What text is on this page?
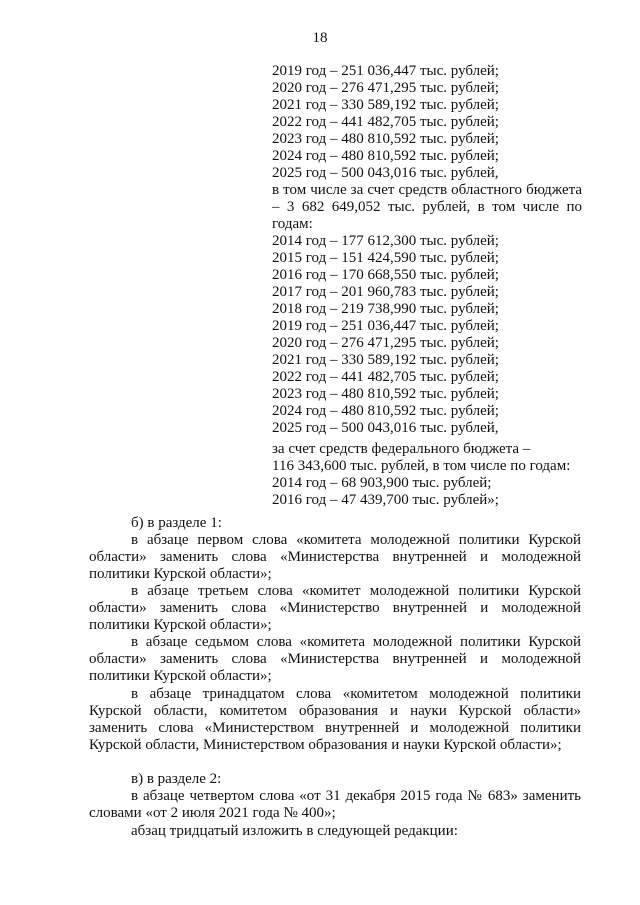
18
2019 год – 251 036,447 тыс. рублей;
2020 год – 276 471,295 тыс. рублей;
2021 год – 330 589,192 тыс. рублей;
2022 год – 441 482,705 тыс. рублей;
2023 год – 480 810,592 тыс. рублей;
2024 год – 480 810,592 тыс. рублей;
2025 год – 500 043,016 тыс. рублей,
в том числе за счет средств областного бюджета
– 3 682 649,052 тыс. рублей, в том числе по
годам:
2014 год – 177 612,300 тыс. рублей;
2015 год – 151 424,590 тыс. рублей;
2016 год – 170 668,550 тыс. рублей;
2017 год – 201 960,783 тыс. рублей;
2018 год – 219 738,990 тыс. рублей;
2019 год – 251 036,447 тыс. рублей;
2020 год – 276 471,295 тыс. рублей;
2021 год – 330 589,192 тыс. рублей;
2022 год – 441 482,705 тыс. рублей;
2023 год – 480 810,592 тыс. рублей;
2024 год – 480 810,592 тыс. рублей;
2025 год – 500 043,016 тыс. рублей,
за счет средств федерального бюджета –
116 343,600 тыс. рублей, в том числе по годам:
2014 год – 68 903,900 тыс. рублей;
2016 год – 47 439,700 тыс. рублей»;
б) в разделе 1:
в абзаце первом слова «комитета молодежной политики Курской
области» заменить слова «Министерства внутренней и молодежной
политики Курской области»;
в абзаце третьем слова «комитет молодежной политики Курской
области» заменить слова «Министерство внутренней и молодежной
политики Курской области»;
в абзаце седьмом слова «комитета молодежной политики Курской
области» заменить слова «Министерства внутренней и молодежной
политики Курской области»;
в абзаце тринадцатом слова «комитетом молодежной политики
Курской области, комитетом образования и науки Курской области»
заменить слова «Министерством внутренней и молодежной политики
Курской области, Министерством образования и науки Курской области»;
в) в разделе 2:
в абзаце четвертом слова «от 31 декабря 2015 года № 683» заменить
словами «от 2 июля 2021 года № 400»;
абзац тридцатый изложить в следующей редакции:
